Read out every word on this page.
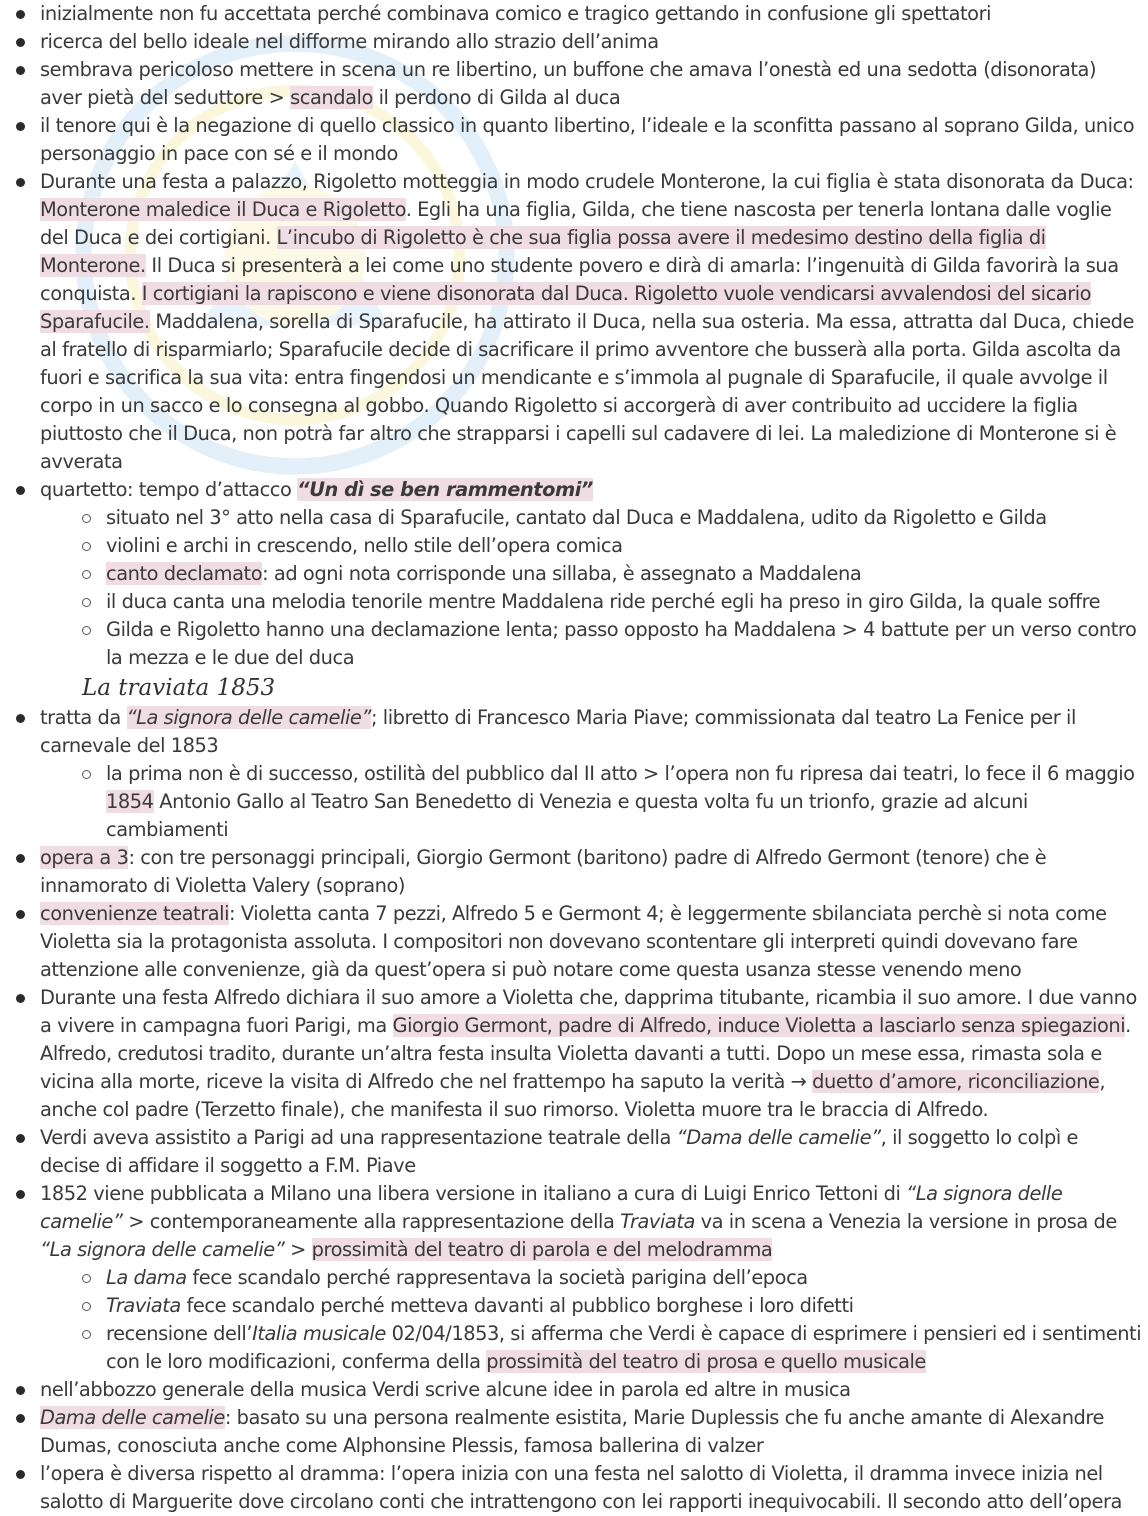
inizialmente non fu accettata perché combinava comico e tragico gettando in confusione gli spettatori
ricerca del bello ideale nel difforme mirando allo strazio dell’anima
sembrava pericoloso mettere in scena un re libertino, un buffone che amava l’onestà ed una sedotta (disonorata) aver pietà del seduttore > scandalo il perdono di Gilda al duca
il tenore qui è la negazione di quello classico in quanto libertino, l’ideale e la sconfitta passano al soprano Gilda, unico personaggio in pace con sé e il mondo
Durante una festa a palazzo, Rigoletto motteggia in modo crudele Monterone, la cui figlia è stata disonorata da Duca: Monterone maledice il Duca e Rigoletto. Egli ha una figlia, Gilda, che tiene nascosta per tenerla lontana dalle voglie del Duca e dei cortigiani. L’incubo di Rigoletto è che sua figlia possa avere il medesimo destino della figlia di Monterone. Il Duca si presenterà a lei come uno studente povero e dirà di amarla: l’ingenuità di Gilda favorirà la sua conquista. I cortigiani la rapiscono e viene disonorata dal Duca. Rigoletto vuole vendicarsi avvalendosi del sicario Sparafucile. Maddalena, sorella di Sparafucile, ha attirato il Duca, nella sua osteria. Ma essa, attratta dal Duca, chiede al fratello di risparmiarlo; Sparafucile decide di sacrificare il primo avventore che busserà alla porta. Gilda ascolta da fuori e sacrifica la sua vita: entra fingendosi un mendicante e s’immola al pugnale di Sparafucile, il quale avvolge il corpo in un sacco e lo consegna al gobbo. Quando Rigoletto si accorgerà di aver contribuito ad uccidere la figlia piuttosto che il Duca, non potrà far altro che strapparsi i capelli sul cadavere di lei. La maledizione di Monterone si è avverata
quartetto: tempo d’attacco “Un dì se ben rammentomi”
situato nel 3° atto nella casa di Sparafucile, cantato dal Duca e Maddalena, udito da Rigoletto e Gilda
violini e archi in crescendo, nello stile dell’opera comica
canto declamato: ad ogni nota corrisponde una sillaba, è assegnato a Maddalena
il duca canta una melodia tenorile mentre Maddalena ride perché egli ha preso in giro Gilda, la quale soffre
Gilda e Rigoletto hanno una declamazione lenta; passo opposto ha Maddalena > 4 battute per un verso contro la mezza e le due del duca
La traviata 1853
tratta da “La signora delle camelie”; libretto di Francesco Maria Piave; commissionata dal teatro La Fenice per il carnevale del 1853
la prima non è di successo, ostilità del pubblico dal II atto > l’opera non fu ripresa dai teatri, lo fece il 6 maggio 1854 Antonio Gallo al Teatro San Benedetto di Venezia e questa volta fu un trionfo, grazie ad alcuni cambiamenti
opera a 3: con tre personaggi principali, Giorgio Germont (baritono) padre di Alfredo Germont (tenore) che è innamorato di Violetta Valery (soprano)
convenienze teatrali: Violetta canta 7 pezzi, Alfredo 5 e Germont 4; è leggermente sbilanciata perchè si nota come Violetta sia la protagonista assoluta. I compositori non dovevano scontentare gli interpreti quindi dovevano fare attenzione alle convenienze, già da quest’opera si può notare come questa usanza stesse venendo meno
Durante una festa Alfredo dichiara il suo amore a Violetta che, dapprima titubante, ricambia il suo amore. I due vanno a vivere in campagna fuori Parigi, ma Giorgio Germont, padre di Alfredo, induce Violetta a lasciarlo senza spiegazioni. Alfredo, credutosi tradito, durante un’altra festa insulta Violetta davanti a tutti. Dopo un mese essa, rimasta sola e vicina alla morte, riceve la visita di Alfredo che nel frattempo ha saputo la verità → duetto d’amore, riconciliazione, anche col padre (Terzetto finale), che manifesta il suo rimorso. Violetta muore tra le braccia di Alfredo.
Verdi aveva assistito a Parigi ad una rappresentazione teatrale della “Dama delle camelie”, il soggetto lo colpì e decise di affidare il soggetto a F.M. Piave
1852 viene pubblicata a Milano una libera versione in italiano a cura di Luigi Enrico Tettoni di “La signora delle camelie” > contemporaneamente alla rappresentazione della Traviata va in scena a Venezia la versione in prosa de “La signora delle camelie” > prossimità del teatro di parola e del melodramma
La dama fece scandalo perché rappresentava la società parigina dell’epoca
Traviata fece scandalo perché metteva davanti al pubblico borghese i loro difetti
recensione dell’Italia musicale 02/04/1853, si afferma che Verdi è capace di esprimere i pensieri ed i sentimenti con le loro modificazioni, conferma della prossimità del teatro di prosa e quello musicale
nell’abbozzo generale della musica Verdi scrive alcune idee in parola ed altre in musica
Dama delle camelie: basato su una persona realmente esistita, Marie Duplessis che fu anche amante di Alexandre Dumas, conosciuta anche come Alphonsine Plessis, famosa ballerina di valzer
l’opera è diversa rispetto al dramma: l’opera inizia con una festa nel salotto di Violetta, il dramma invece inizia nel salotto di Marguerite dove circolano conti che intrattengono con lei rapporti inequivocabili. Il secondo atto dell’opera
